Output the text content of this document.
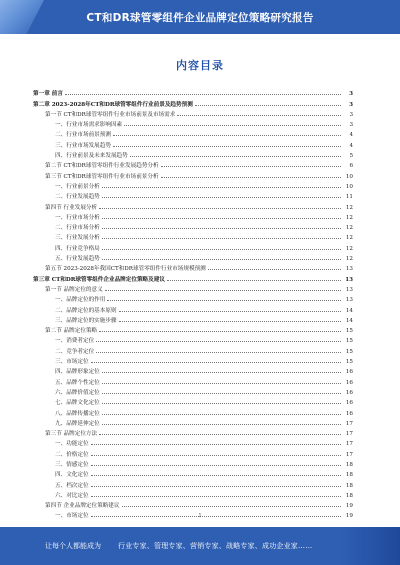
CT和DR球管零组件企业品牌定位策略研究报告
内容目录
第一章 前言	3
第二章 2023-2028年CT和DR球管零组件行业前景及趋势预测	3
第一节 CT和DR球管零组件行业市场前景及市场需求	3
一、行业市场需求影响因素	3
二、行业市场前景预测	4
三、行业市场发展趋势	4
四、行业前景及未来发展趋势	5
第二节 CT和DR球管零组件行业发展趋势分析	6
第三节 CT和DR球管零组件行业市场前景分析	10
一、行业前景分析	10
二、行业发展趋势	11
第四节 行业发展分析	12
一、行业市场分析	12
二、行业市场分析	12
三、行业发展分析	12
四、行业竞争格局	12
五、行业发展趋势	12
第五节 2023-2028年我国CT和DR球管零组件行业市场规模预测	13
第三章 CT和DR球管零组件企业品牌定位策略及建议	13
第一节 品牌定位的意义	13
一、品牌定位的作用	13
二、品牌定位的基本原则	14
三、品牌定位的实施步骤	14
第二节 品牌定位策略	15
一、消费者定位	15
二、竞争者定位	15
三、市场定位	15
四、品牌形象定位	16
五、品牌个性定位	16
六、品牌价值定位	16
七、品牌文化定位	16
八、品牌传播定位	16
九、品牌延伸定位	17
第三节 品牌定位方法	17
一、功能定位	17
二、价格定位	17
三、情感定位	18
四、文化定位	18
五、档次定位	18
六、对比定位	18
第四节 企业品牌定位策略建议	19
一、市场定位	19
1
让每个人都能成为 行业专家、管理专家、营销专家、战略专家、成功企业家……
